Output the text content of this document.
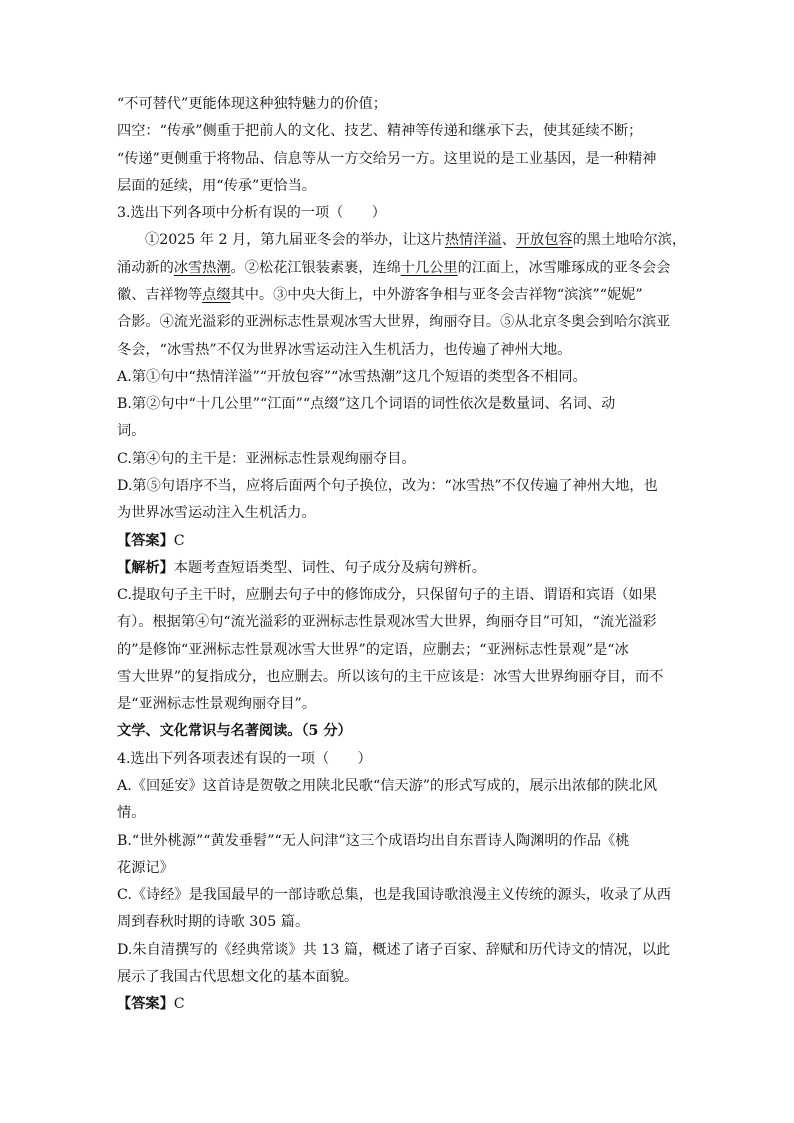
“不可替代”更能体现这种独特魅力的价值；
四空：“传承”侧重于把前人的文化、技艺、精神等传递和继承下去，使其延续不断；
“传递”更侧重于将物品、信息等从一方交给另一方。这里说的是工业基因，是一种精神
层面的延续，用“传承”更恰当。
3.选出下列各项中分析有误的一项（　　）
①2025 年 2 月，第九届亚冬会的举办，让这片热情洋溢、开放包容的黑土地哈尔滨，
涌动新的冰雪热潮。②松花江银装素裹，连绵十几公里的江面上，冰雪雕琢成的亚冬会会
徽、吉祥物等点缀其中。③中央大街上，中外游客争相与亚冬会吉祥物“滨滨”“妮妮”
合影。④流光溢彩的亚洲标志性景观冰雪大世界，绚丽夺目。⑤从北京冬奥会到哈尔滨亚
冬会，“冰雪热”不仅为世界冰雪运动注入生机活力，也传遍了神州大地。
A.第①句中“热情洋溢”“开放包容”“冰雪热潮”这几个短语的类型各不相同。
B.第②句中“十几公里”“江面”“点缀”这几个词语的词性依次是数量词、名词、动
词。
C.第④句的主干是：亚洲标志性景观绚丽夺目。
D.第⑤句语序不当，应将后面两个句子换位，改为：“冰雪热”不仅传遍了神州大地，也
为世界冰雪运动注入生机活力。
【答案】C
【解析】本题考查短语类型、词性、句子成分及病句辨析。
C.提取句子主干时，应删去句子中的修饰成分，只保留句子的主语、谓语和宾语（如果
有）。根据第④句“流光溢彩的亚洲标志性景观冰雪大世界，绚丽夺目”可知，“流光溢彩
的”是修饰“亚洲标志性景观冰雪大世界”的定语，应删去；“亚洲标志性景观”是“冰
雪大世界”的复指成分，也应删去。所以该句的主干应该是：冰雪大世界绚丽夺目，而不
是“亚洲标志性景观绚丽夺目”。
文学、文化常识与名著阅读。（5 分）
4.选出下列各项表述有误的一项（　　）
A.《回延安》这首诗是贺敬之用陕北民歌“信天游”的形式写成的，展示出浓郁的陕北风
情。
B.“世外桃源”“黄发垂髫”“无人问津”这三个成语均出自东晋诗人陶渊明的作品《桃
花源记》
C.《诗经》是我国最早的一部诗歌总集，也是我国诗歌浪漫主义传统的源头，收录了从西
周到春秋时期的诗歌 305 篇。
D.朱自清撰写的《经典常谈》共 13 篇，概述了诸子百家、辞赋和历代诗文的情况，以此
展示了我国古代思想文化的基本面貌。
【答案】C
